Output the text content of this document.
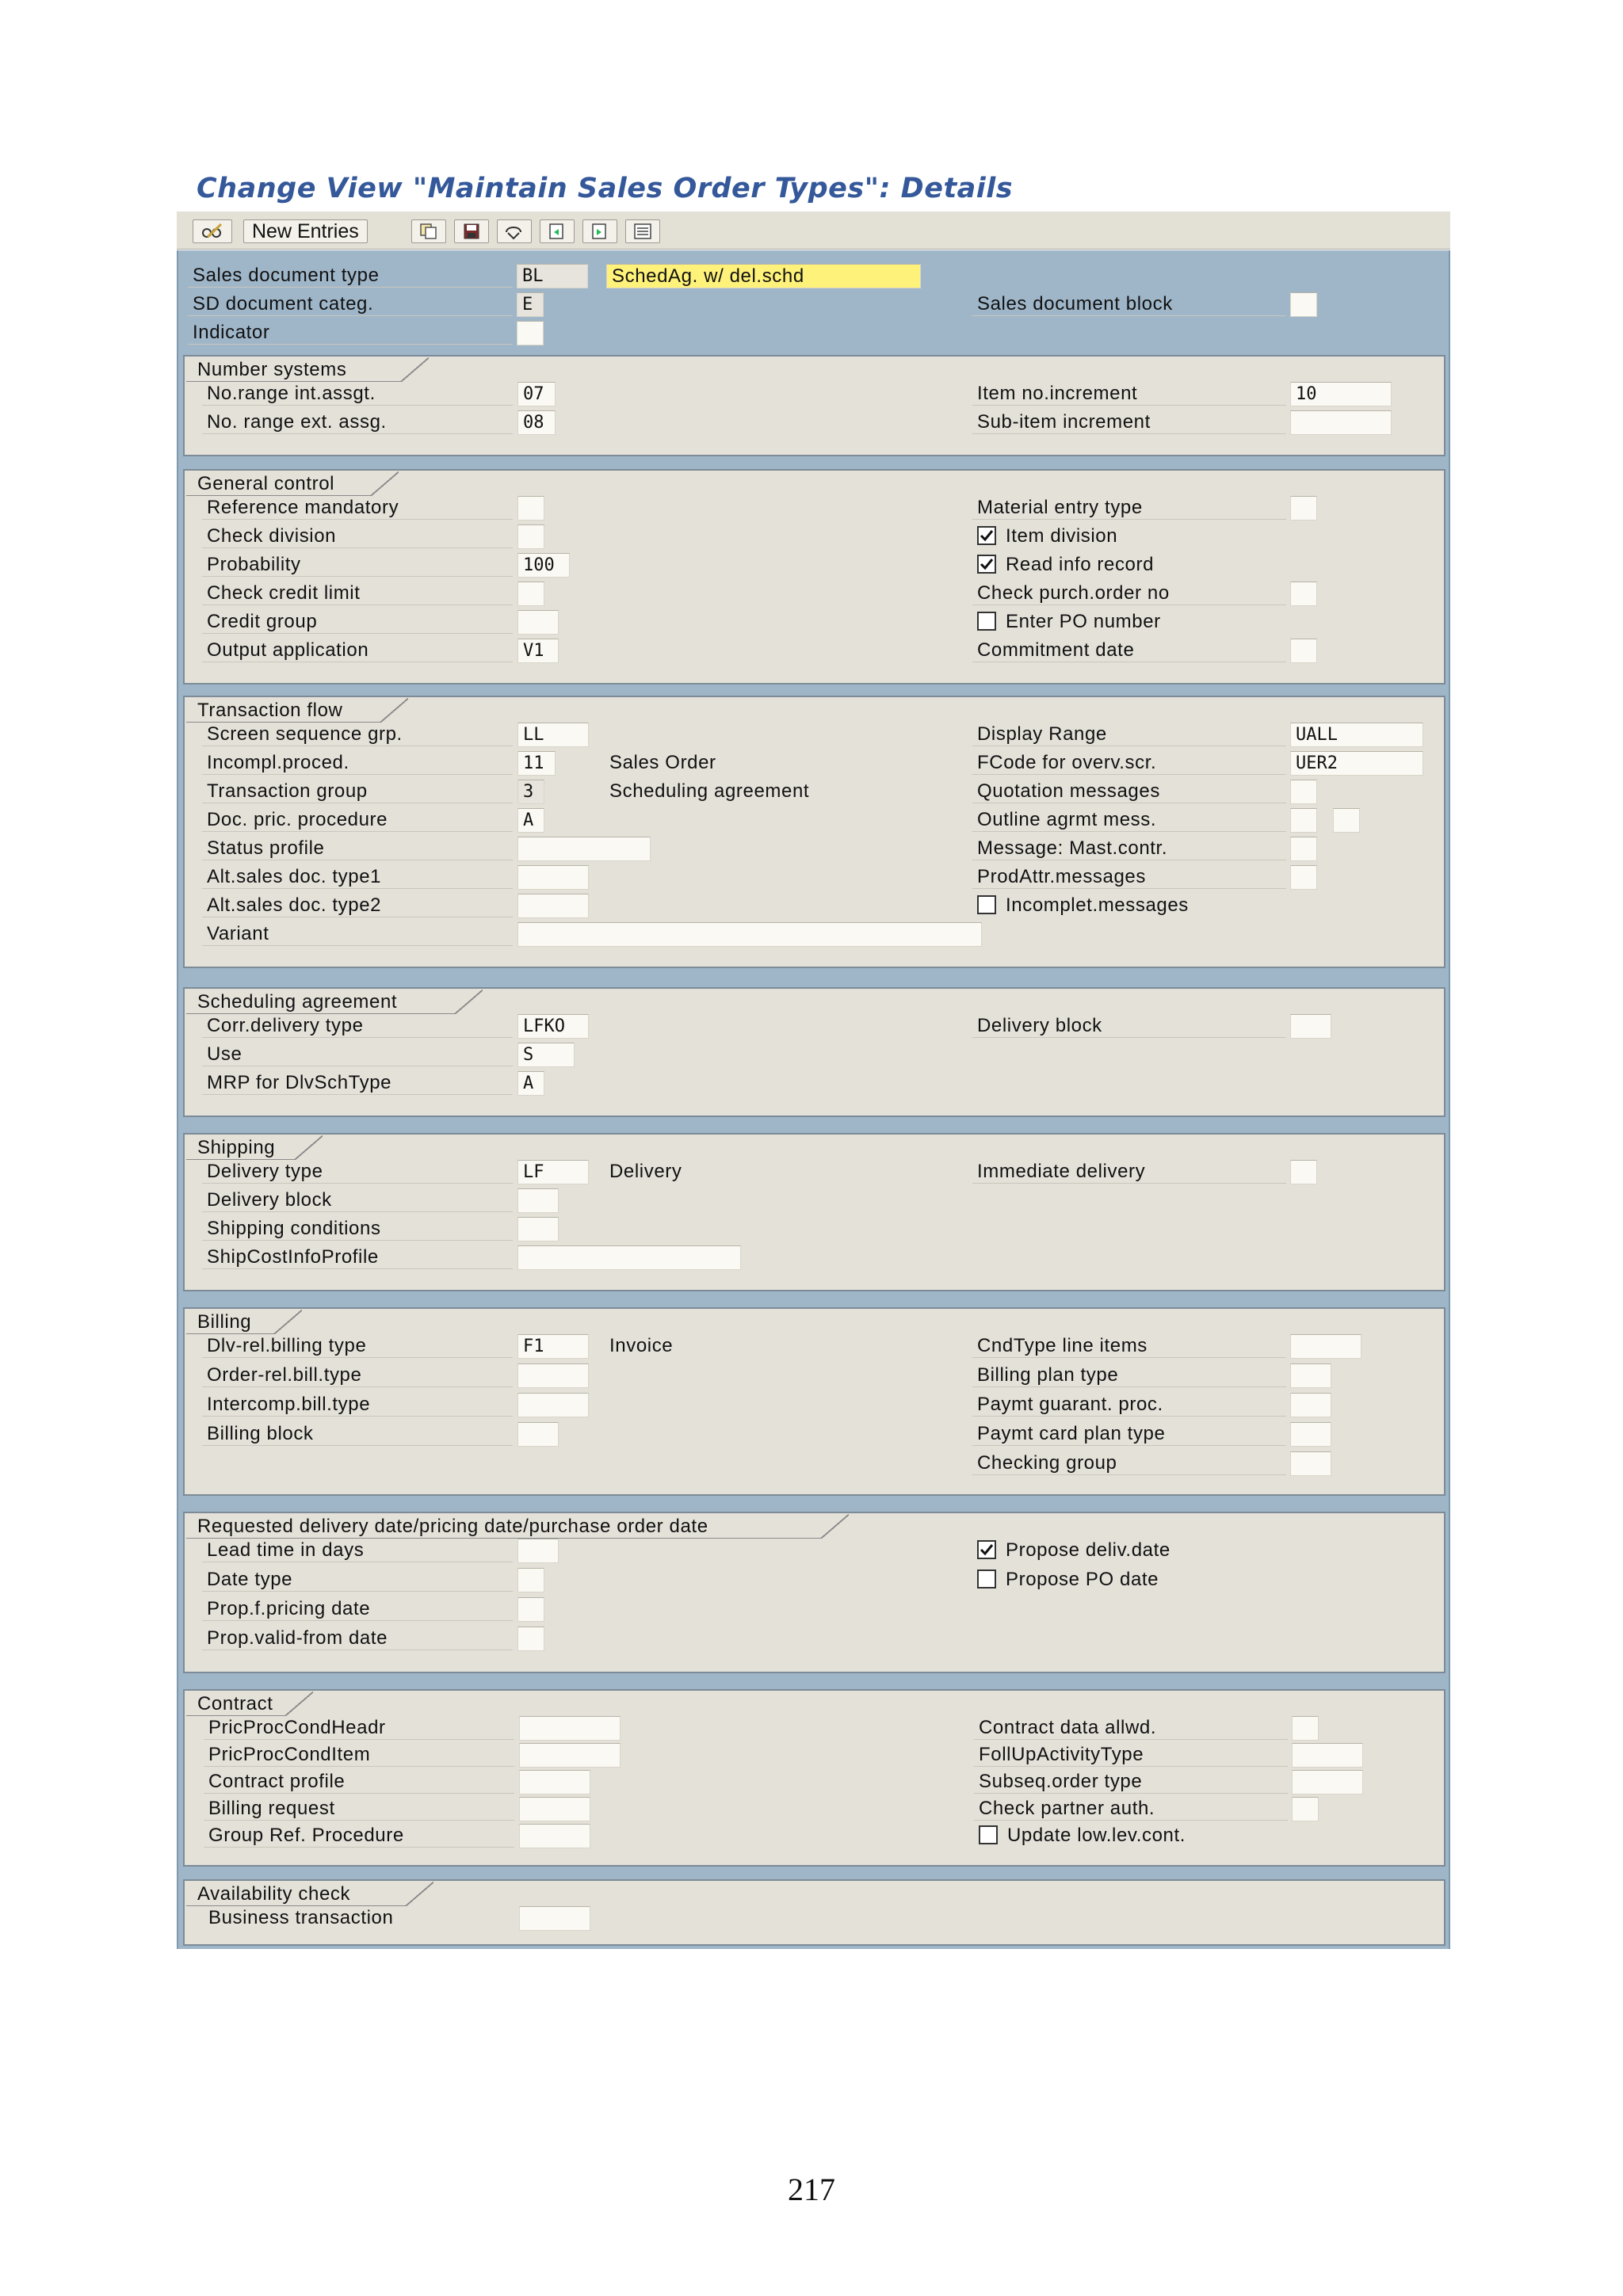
Change View "Maintain Sales Order Types": Details
New Entries
Sales document type	BL	SchedAg. w/ del.schd
SD document categ.	E	Sales document block
Indicator
Number systems
No.range int.assgt.	07
No. range ext. assg.	08
Item no.increment	10
Sub-item increment
General control
Reference mandatory
Check division
Probability	100
Check credit limit
Credit group
Output application	V1
Material entry type
Item division
Read info record
Check purch.order no
Enter PO number
Commitment date
Transaction flow
Screen sequence grp.	LL
Incompl.proced.	11	Sales Order
Transaction group	3	Scheduling agreement
Doc. pric. procedure	A
Status profile
Alt.sales doc. type1
Alt.sales doc. type2
Variant
Display Range	UALL
FCode for overv.scr.	UER2
Quotation messages
Outline agrmt mess.
Message: Mast.contr.
ProdAttr.messages
Incomplet.messages
Scheduling agreement
Corr.delivery type	LFKO
Use	S
MRP for DlvSchType	A
Delivery block
Shipping
Delivery type	LF	Delivery
Delivery block
Shipping conditions
ShipCostInfoProfile
Immediate delivery
Billing
Dlv-rel.billing type	F1	Invoice
Order-rel.bill.type
Intercomp.bill.type
Billing block
CndType line items
Billing plan type
Paymt guarant. proc.
Paymt card plan type
Checking group
Requested delivery date/pricing date/purchase order date
Lead time in days
Date type
Prop.f.pricing date
Prop.valid-from date
Propose deliv.date
Propose PO date
Contract
PricProcCondHeadr
PricProcCondItem
Contract profile
Billing request
Group Ref. Procedure
Contract data allwd.
FollUpActivityType
Subseq.order type
Check partner auth.
Update low.lev.cont.
Availability check
Business transaction
217
